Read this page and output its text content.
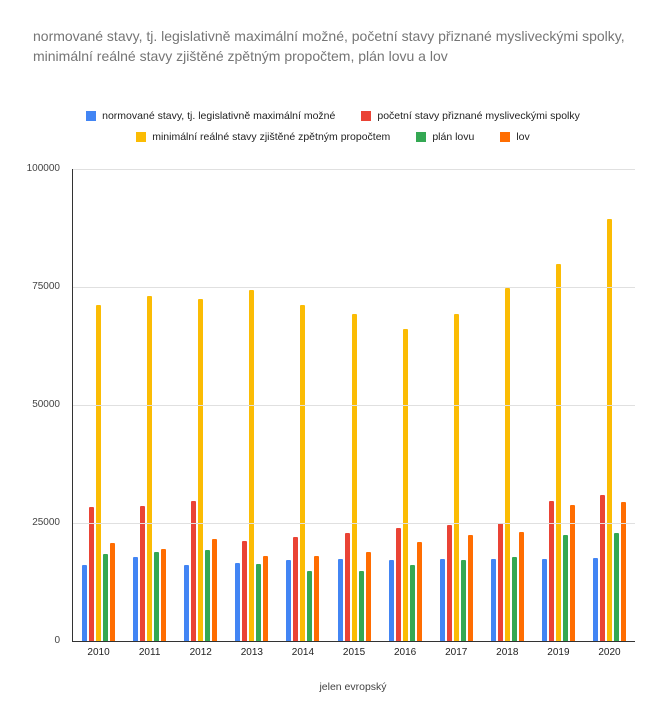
normované stavy, tj. legislativně maximální možné, početní stavy přiznané mysliveckými spolky, minimální reálné stavy zjištěné zpětným propočtem, plán lovu a lov
normované stavy, tj. legislativně maximální možné	početní stavy přiznané mysliveckými spolky
minimální reálné stavy zjištěné zpětným propočtem	plán lovu	lov
0
25000
50000
75000
100000
2010	2011	2012	2013	2014	2015	2016	2017	2018	2019	2020
jelen evropský
